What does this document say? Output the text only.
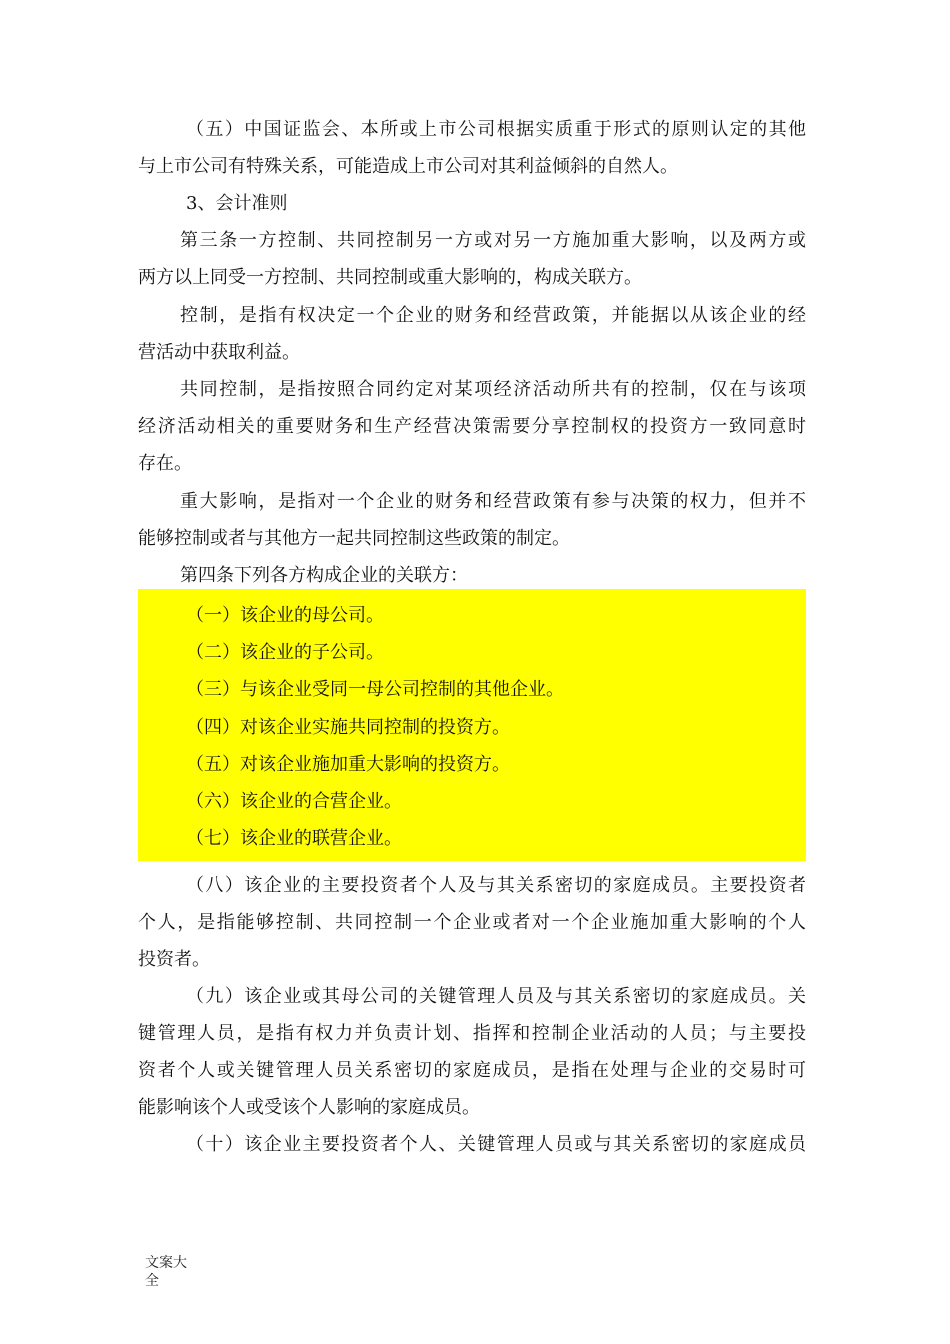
（五）中国证监会、本所或上市公司根据实质重于形式的原则认定的其他
与上市公司有特殊关系，可能造成上市公司对其利益倾斜的自然人。
3、会计准则
第三条一方控制、共同控制另一方或对另一方施加重大影响，以及两方或
两方以上同受一方控制、共同控制或重大影响的，构成关联方。
控制，是指有权决定一个企业的财务和经营政策，并能据以从该企业的经
营活动中获取利益。
共同控制，是指按照合同约定对某项经济活动所共有的控制，仅在与该项
经济活动相关的重要财务和生产经营决策需要分享控制权的投资方一致同意时
存在。
重大影响，是指对一个企业的财务和经营政策有参与决策的权力，但并不
能够控制或者与其他方一起共同控制这些政策的制定。
第四条下列各方构成企业的关联方：
（一）该企业的母公司。
（二）该企业的子公司。
（三）与该企业受同一母公司控制的其他企业。
（四）对该企业实施共同控制的投资方。
（五）对该企业施加重大影响的投资方。
（六）该企业的合营企业。
（七）该企业的联营企业。
（八）该企业的主要投资者个人及与其关系密切的家庭成员。主要投资者
个人，是指能够控制、共同控制一个企业或者对一个企业施加重大影响的个人
投资者。
（九）该企业或其母公司的关键管理人员及与其关系密切的家庭成员。关
键管理人员，是指有权力并负责计划、指挥和控制企业活动的人员；与主要投
资者个人或关键管理人员关系密切的家庭成员，是指在处理与企业的交易时可
能影响该个人或受该个人影响的家庭成员。
（十）该企业主要投资者个人、关键管理人员或与其关系密切的家庭成员
文案大全
